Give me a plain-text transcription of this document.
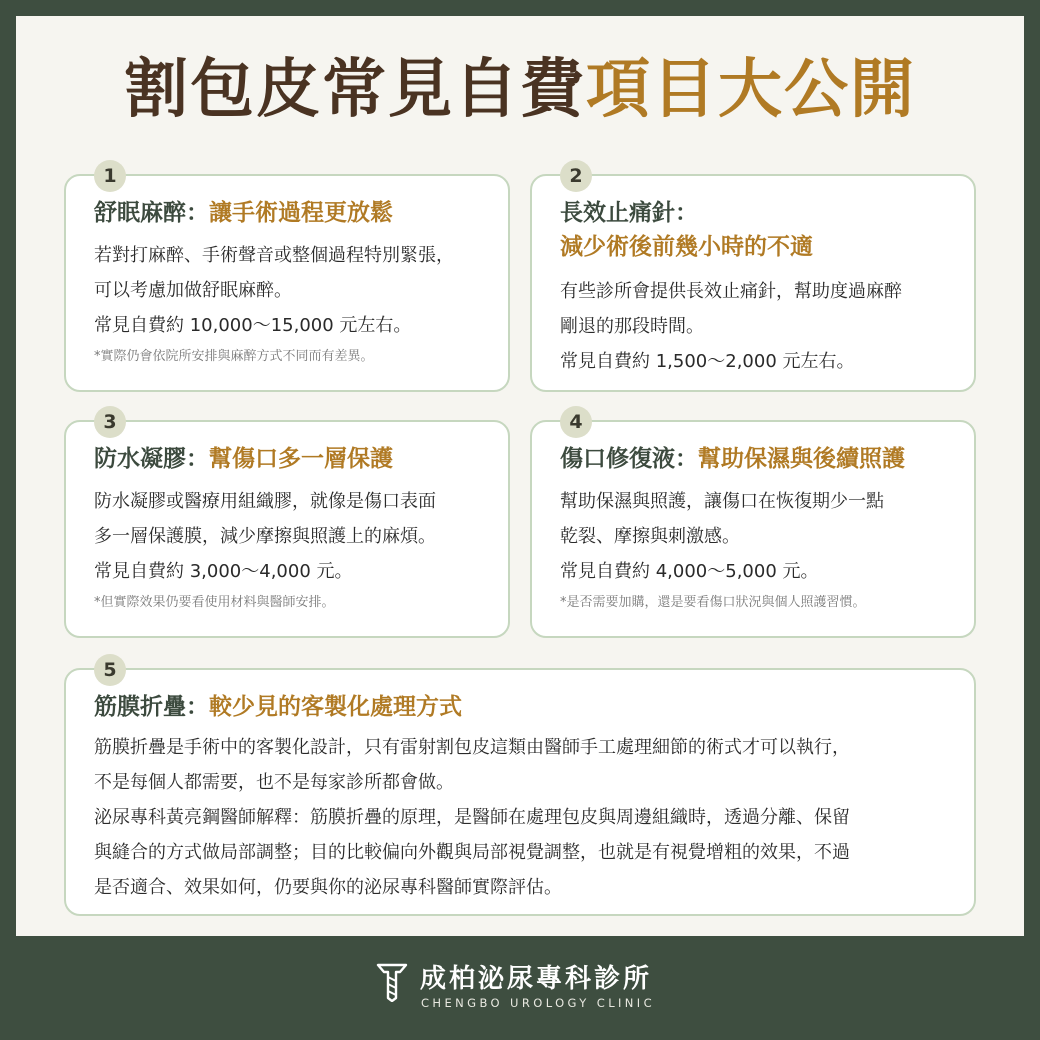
割包皮常見自費項目大公開
1
舒眠麻醉：讓手術過程更放鬆
若對打麻醉、手術聲音或整個過程特別緊張，
可以考慮加做舒眠麻醉。
常見自費約 10,000～15,000 元左右。
*實際仍會依院所安排與麻醉方式不同而有差異。
2
長效止痛針：
減少術後前幾小時的不適
有些診所會提供長效止痛針，幫助度過麻醉
剛退的那段時間。
常見自費約 1,500～2,000 元左右。
3
防水凝膠：幫傷口多一層保護
防水凝膠或醫療用組織膠，就像是傷口表面
多一層保護膜，減少摩擦與照護上的麻煩。
常見自費約 3,000～4,000 元。
*但實際效果仍要看使用材料與醫師安排。
4
傷口修復液：幫助保濕與後續照護
幫助保濕與照護，讓傷口在恢復期少一點
乾裂、摩擦與刺激感。
常見自費約 4,000～5,000 元。
*是否需要加購，還是要看傷口狀況與個人照護習慣。
5
筋膜折疊：較少見的客製化處理方式
筋膜折疊是手術中的客製化設計，只有雷射割包皮這類由醫師手工處理細節的術式才可以執行，
不是每個人都需要，也不是每家診所都會做。
泌尿專科黃亮鋼醫師解釋：筋膜折疊的原理，是醫師在處理包皮與周邊組織時，透過分離、保留
與縫合的方式做局部調整；目的比較偏向外觀與局部視覺調整，也就是有視覺增粗的效果，不過
是否適合、效果如何，仍要與你的泌尿專科醫師實際評估。
成柏泌尿專科診所
CHENGBO UROLOGY CLINIC
